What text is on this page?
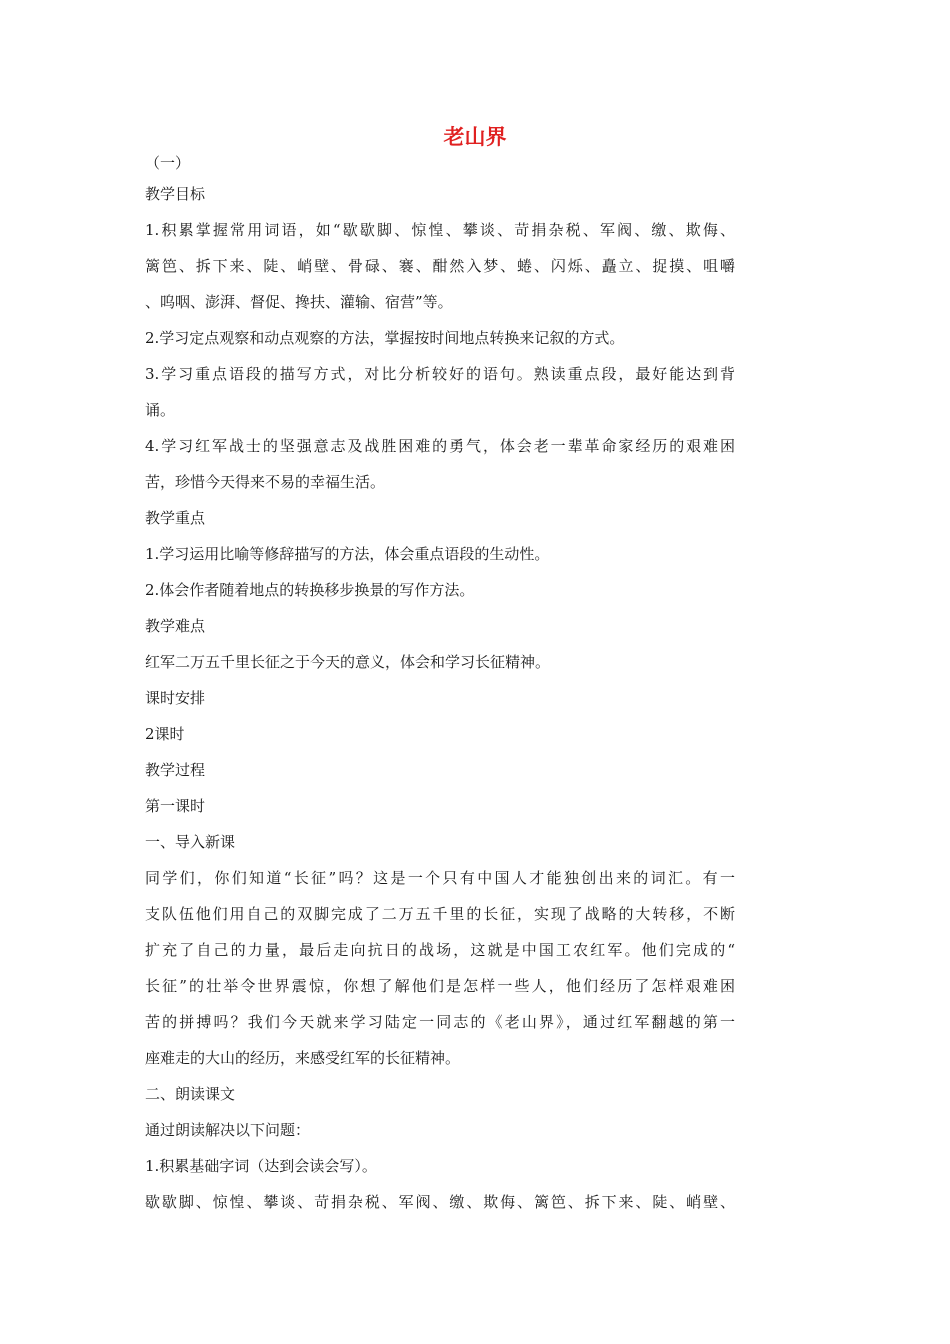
老山界

（一）

教学目标

1.积累掌握常用词语，如“歇歇脚、惊惶、攀谈、苛捐杂税、军阀、缴、欺侮、

篱笆、拆下来、陡、峭壁、骨碌、褰、酣然入梦、蜷、闪烁、矗立、捉摸、咀嚼

、呜咽、澎湃、督促、搀扶、灌输、宿营”等。

2.学习定点观察和动点观察的方法，掌握按时间地点转换来记叙的方式。

3.学习重点语段的描写方式，对比分析较好的语句。熟读重点段，最好能达到背

诵。

4.学习红军战士的坚强意志及战胜困难的勇气，体会老一辈革命家经历的艰难困

苦，珍惜今天得来不易的幸福生活。

教学重点

1.学习运用比喻等修辞描写的方法，体会重点语段的生动性。

2.体会作者随着地点的转换移步换景的写作方法。

教学难点

红军二万五千里长征之于今天的意义，体会和学习长征精神。

课时安排

2课时

教学过程

第一课时

一、导入新课

同学们，你们知道“长征”吗？这是一个只有中国人才能独创出来的词汇。有一

支队伍他们用自己的双脚完成了二万五千里的长征，实现了战略的大转移，不断

扩充了自己的力量，最后走向抗日的战场，这就是中国工农红军。他们完成的“

长征”的壮举令世界震惊，你想了解他们是怎样一些人，他们经历了怎样艰难困

苦的拼搏吗？我们今天就来学习陆定一同志的《老山界》，通过红军翻越的第一

座难走的大山的经历，来感受红军的长征精神。

二、朗读课文

通过朗读解决以下问题：

1.积累基础字词（达到会读会写）。

歇歇脚、惊惶、攀谈、苛捐杂税、军阀、缴、欺侮、篱笆、拆下来、陡、峭壁、
